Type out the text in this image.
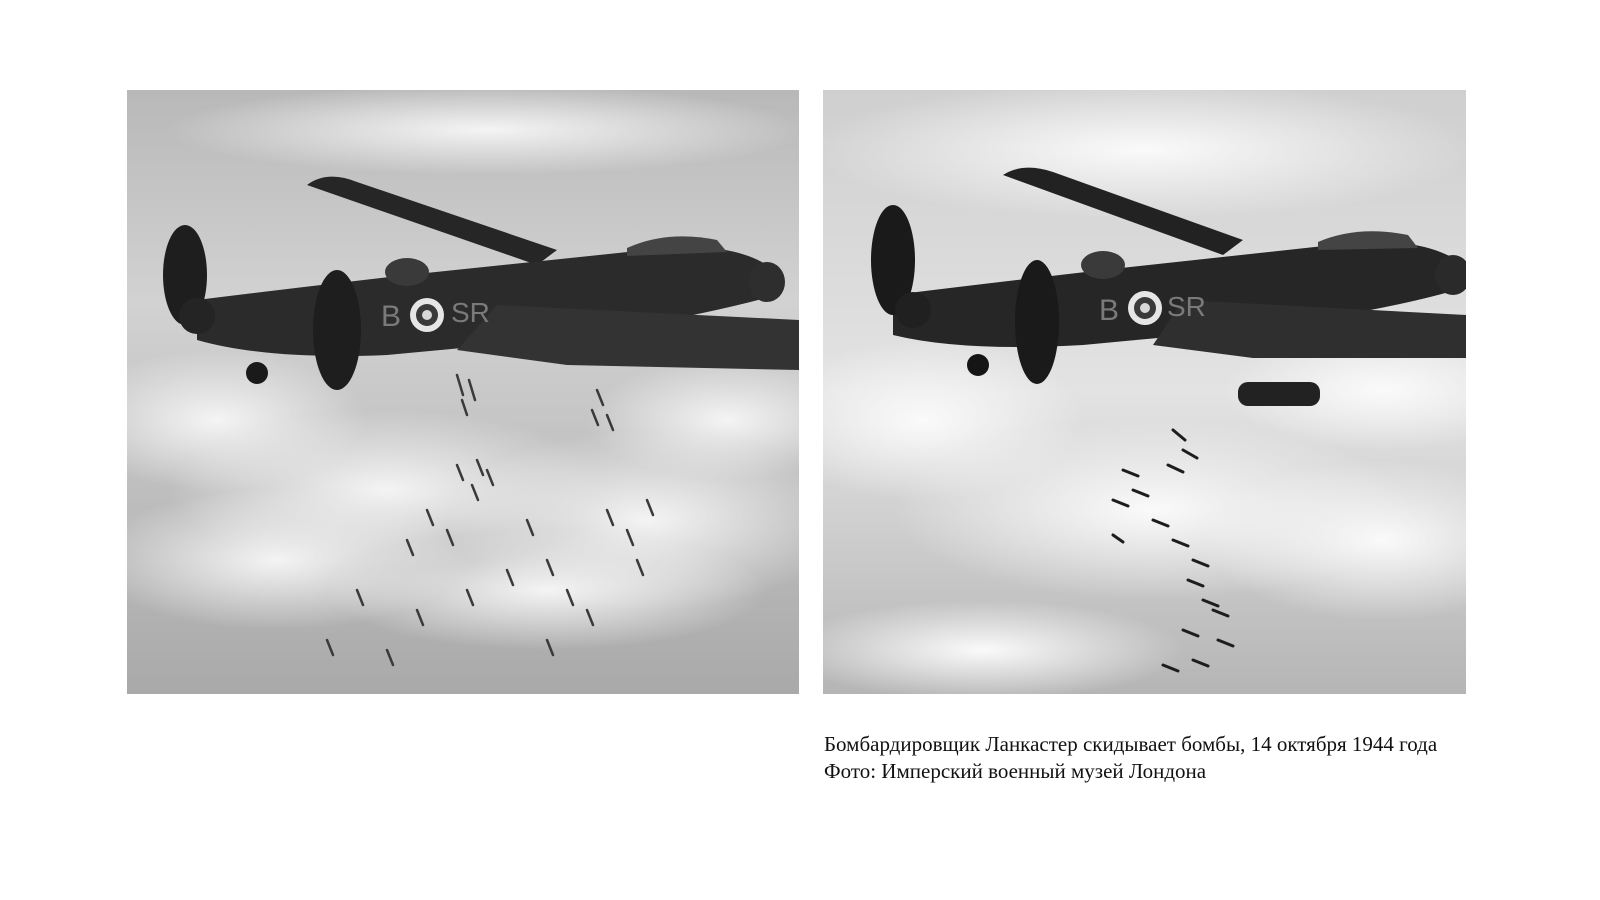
B SR	B SR
Бомбардировщик Ланкастер скидывает бомбы, 14 октября 1944 года
Фото: Имперский военный музей Лондона
